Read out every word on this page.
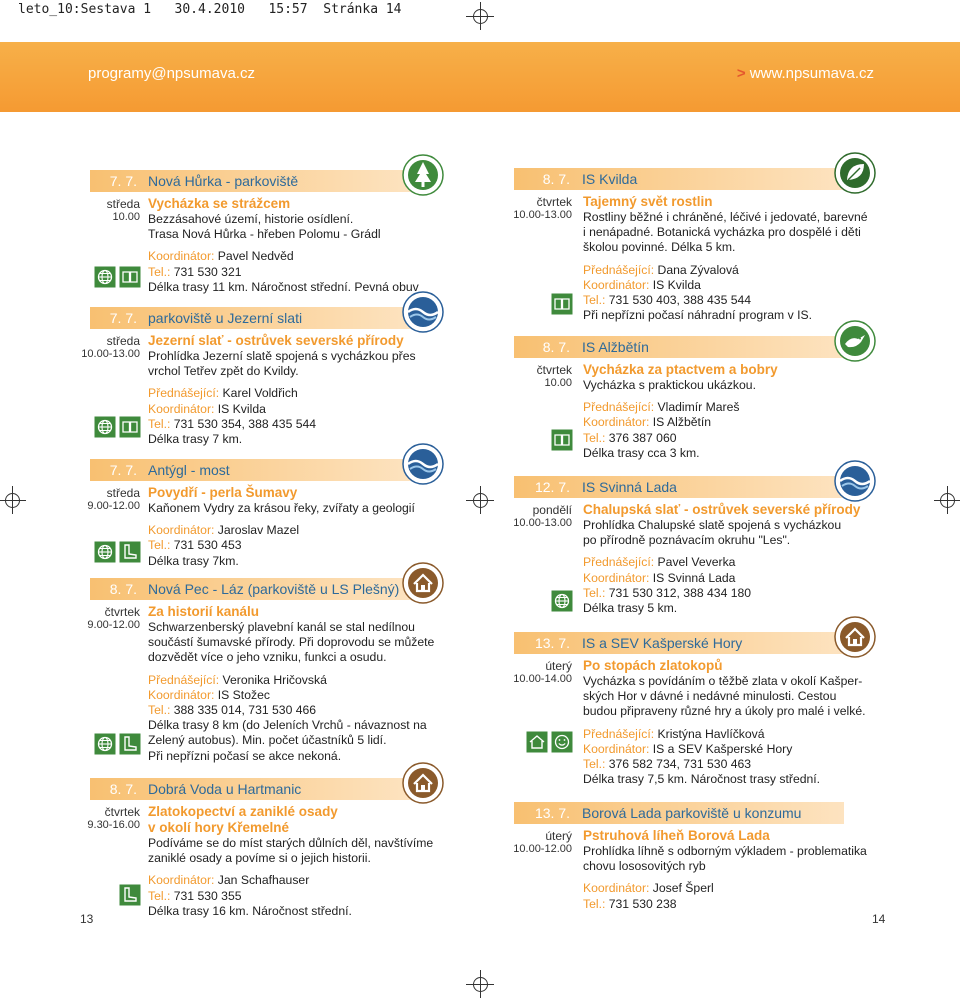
leto_10:Sestava 1   30.4.2010   15:57  Stránka 14
programy@npsumava.cz	> www.npsumava.cz
13	14
7. 7. Nová Hůrka - parkoviště
středa
10.00
Vycházka se strážcem
Bezzásahové území, historie osídlení.
Trasa Nová Hůrka - hřeben Polomu - Grádl
Koordinátor: Pavel Nedvěd
Tel.: 731 530 321
Délka trasy 11 km. Náročnost střední. Pevná obuv
7. 7. parkoviště u Jezerní slati
středa
10.00-13.00
Jezerní slať - ostrůvek severské přírody
Prohlídka Jezerní slatě spojená s vycházkou přes
vrchol Tetřev zpět do Kvildy.
Přednášející: Karel Voldřich
Koordinátor: IS Kvilda
Tel.: 731 530 354, 388 435 544
Délka trasy 7 km.
7. 7. Antýgl - most
středa
9.00-12.00
Povydří - perla Šumavy
Kaňonem Vydry za krásou řeky, zvířaty a geologií
Koordinátor: Jaroslav Mazel
Tel.: 731 530 453
Délka trasy 7km.
8. 7. Nová Pec - Láz (parkoviště u LS Plešný)
čtvrtek
9.00-12.00
Za historií kanálu
Schwarzenberský plavební kanál se stal nedílnou
součástí šumavské přírody. Při doprovodu se můžete
dozvědět více o jeho vzniku, funkci a osudu.
Přednášející: Veronika Hričovská
Koordinátor: IS Stožec
Tel.: 388 335 014, 731 530 466
Délka trasy 8 km (do Jeleních Vrchů - návaznost na
Zelený autobus). Min. počet účastníků 5 lidí.
Při nepřízni počasí se akce nekoná.
8. 7. Dobrá Voda u Hartmanic
čtvrtek
9.30-16.00
Zlatokopectví a zaniklé osady
v okolí hory Křemelné
Podíváme se do míst starých důlních děl, navštívíme
zaniklé osady a povíme si o jejich historii.
Koordinátor: Jan Schafhauser
Tel.: 731 530 355
Délka trasy 16 km. Náročnost střední.
8. 7. IS Kvilda
čtvrtek
10.00-13.00
Tajemný svět rostlin
Rostliny běžné i chráněné, léčivé i jedovaté, barevné
i nenápadné. Botanická vycházka pro dospělé i děti
školou povinné. Délka 5 km.
Přednášející: Dana Zývalová
Koordinátor: IS Kvilda
Tel.: 731 530 403, 388 435 544
Při nepřízni počasí náhradní program v IS.
8. 7. IS Alžbětín
čtvrtek
10.00
Vycházka za ptactvem a bobry
Vycházka s praktickou ukázkou.
Přednášející: Vladimír Mareš
Koordinátor: IS Alžbětín
Tel.: 376 387 060
Délka trasy cca 3 km.
12. 7. IS Svinná Lada
pondělí
10.00-13.00
Chalupská slať - ostrůvek severské přírody
Prohlídka Chalupské slatě spojená s vycházkou
po přírodně poznávacím okruhu "Les".
Přednášející: Pavel Veverka
Koordinátor: IS Svinná Lada
Tel.: 731 530 312, 388 434 180
Délka trasy 5 km.
13. 7. IS a SEV Kašperské Hory
úterý
10.00-14.00
Po stopách zlatokopů
Vycházka s povídáním o těžbě zlata v okolí Kašper-
ských Hor v dávné i nedávné minulosti. Cestou
budou připraveny různé hry a úkoly pro malé i velké.
Přednášející: Kristýna Havlíčková
Koordinátor: IS a SEV Kašperské Hory
Tel.: 376 582 734, 731 530 463
Délka trasy 7,5 km. Náročnost trasy střední.
13. 7. Borová Lada parkoviště u konzumu
úterý
10.00-12.00
Pstruhová líheň Borová Lada
Prohlídka líhně s odborným výkladem - problematika
chovu lososovitých ryb
Koordinátor: Josef Šperl
Tel.: 731 530 238
